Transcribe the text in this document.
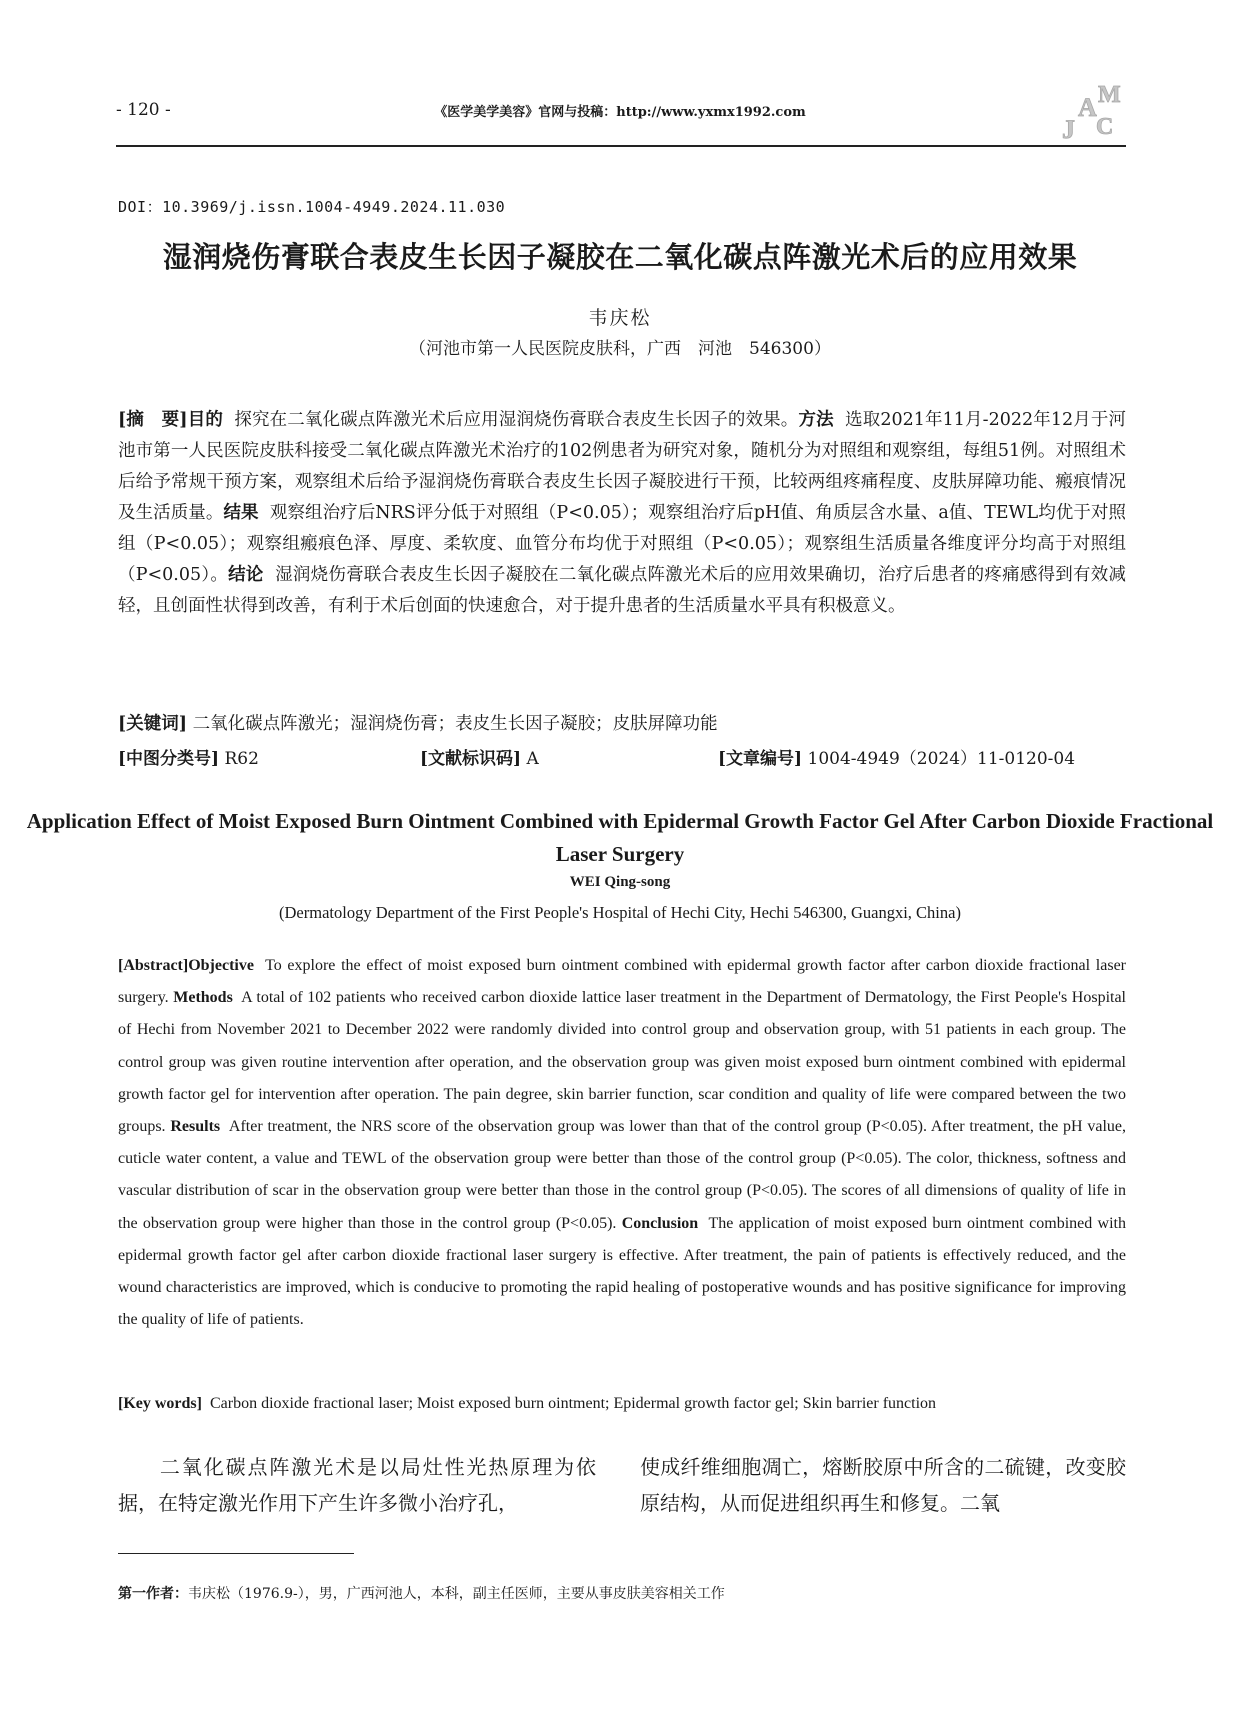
- 120 -	《医学美学美容》官网与投稿：http://www.yxmx1992.com
J
A
C
M
DOI：10.3969/j.issn.1004-4949.2024.11.030
湿润烧伤膏联合表皮生长因子凝胶在二氧化碳点阵激光术后的应用效果
韦庆松
（河池市第一人民医院皮肤科，广西　河池　546300）
[摘　要]目的 探究在二氧化碳点阵激光术后应用湿润烧伤膏联合表皮生长因子的效果。方法 选取2021年11月-2022年12月于河池市第一人民医院皮肤科接受二氧化碳点阵激光术治疗的102例患者为研究对象，随机分为对照组和观察组，每组51例。对照组术后给予常规干预方案，观察组术后给予湿润烧伤膏联合表皮生长因子凝胶进行干预，比较两组疼痛程度、皮肤屏障功能、瘢痕情况及生活质量。结果 观察组治疗后NRS评分低于对照组（P<0.05）；观察组治疗后pH值、角质层含水量、a值、TEWL均优于对照组（P<0.05）；观察组瘢痕色泽、厚度、柔软度、血管分布均优于对照组（P<0.05）；观察组生活质量各维度评分均高于对照组（P<0.05）。结论 湿润烧伤膏联合表皮生长因子凝胶在二氧化碳点阵激光术后的应用效果确切，治疗后患者的疼痛感得到有效减轻，且创面性状得到改善，有利于术后创面的快速愈合，对于提升患者的生活质量水平具有积极意义。
[关键词] 二氧化碳点阵激光；湿润烧伤膏；表皮生长因子凝胶；皮肤屏障功能
[中图分类号] R62	[文献标识码] A	[文章编号] 1004-4949（2024）11-0120-04
Application Effect of Moist Exposed Burn Ointment Combined with Epidermal Growth Factor Gel After Carbon Dioxide Fractional Laser Surgery
WEI Qing-song
(Dermatology Department of the First People's Hospital of Hechi City, Hechi 546300, Guangxi, China)
[Abstract]Objective To explore the effect of moist exposed burn ointment combined with epidermal growth factor after carbon dioxide fractional laser surgery. Methods A total of 102 patients who received carbon dioxide lattice laser treatment in the Department of Dermatology, the First People's Hospital of Hechi from November 2021 to December 2022 were randomly divided into control group and observation group, with 51 patients in each group. The control group was given routine intervention after operation, and the observation group was given moist exposed burn ointment combined with epidermal growth factor gel for intervention after operation. The pain degree, skin barrier function, scar condition and quality of life were compared between the two groups. Results After treatment, the NRS score of the observation group was lower than that of the control group (P<0.05). After treatment, the pH value, cuticle water content, a value and TEWL of the observation group were better than those of the control group (P<0.05). The color, thickness, softness and vascular distribution of scar in the observation group were better than those in the control group (P<0.05). The scores of all dimensions of quality of life in the observation group were higher than those in the control group (P<0.05). Conclusion The application of moist exposed burn ointment combined with epidermal growth factor gel after carbon dioxide fractional laser surgery is effective. After treatment, the pain of patients is effectively reduced, and the wound characteristics are improved, which is conducive to promoting the rapid healing of postoperative wounds and has positive significance for improving the quality of life of patients.
[Key words] Carbon dioxide fractional laser; Moist exposed burn ointment; Epidermal growth factor gel; Skin barrier function
二氧化碳点阵激光术是以局灶性光热原理为依据，在特定激光作用下产生许多微小治疗孔，
使成纤维细胞凋亡，熔断胶原中所含的二硫键，改变胶原结构，从而促进组织再生和修复。二氧
第一作者：韦庆松（1976.9-），男，广西河池人，本科，副主任医师，主要从事皮肤美容相关工作
